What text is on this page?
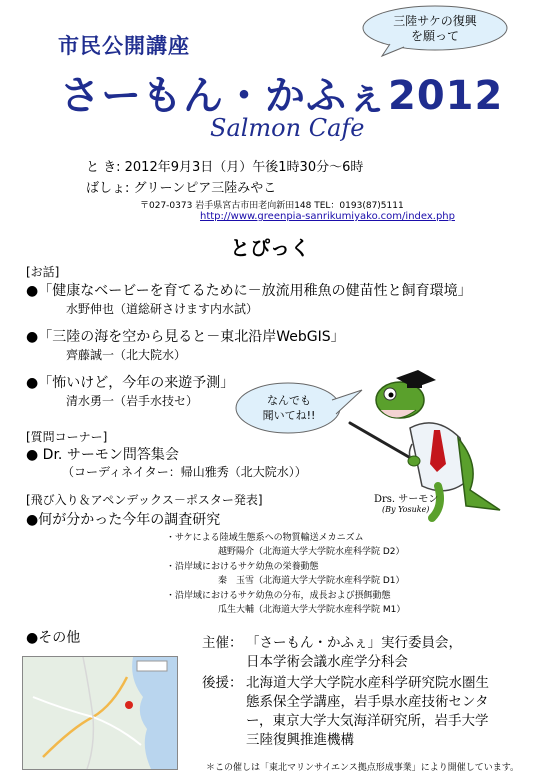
市民公開講座
三陸サケの復興
を願って
さーもん・かふぇ2012
Salmon Cafe
と き: 2012年9月3日（月）午後1時30分～6時
ばしょ: グリーンピア三陸みやこ
〒027-0373 岩手県宮古市田老向新田148 TEL：0193(87)5111
http://www.greenpia-sanrikumiyako.com/index.php
とぴっく
[お話]
●「健康なベービーを育てるために－放流用稚魚の健苗性と飼育環境」
水野伸也（道総研さけます内水試）
●「三陸の海を空から見ると－東北沿岸WebGIS」
齊藤誠一（北大院水）
●「怖いけど，今年の来遊予測」
清水勇一（岩手水技セ）	なんでも
聞いてね!!
[質問コーナー]
● Dr. サーモン問答集会
（コーディネイター：帰山雅秀（北大院水））
Drs. サーモン
(By Yosuke)
[飛び入り＆アペンデックス－ポスター発表]
●何が分かった今年の調査研究
・サケによる陸域生態系への物質輸送メカニズム
越野陽介（北海道大学大学院水産科学院 D2）
・沿岸域におけるサケ幼魚の栄養動態
秦　玉雪（北海道大学大学院水産科学院 D1）
・沿岸域におけるサケ幼魚の分布，成長および摂餌動態
瓜生大輔（北海道大学大学院水産科学院 M1）
●その他	主催： 「さーもん・かふぇ」実行委員会，
日本学術会議水産学分科会
後援： 北海道大学大学院水産科学研究院水圏生
態系保全学講座，岩手県水産技術センタ
ー，東京大学大気海洋研究所，岩手大学
三陸復興推進機構
＊この催しは「東北マリンサイエンス拠点形成事業」により開催しています。
